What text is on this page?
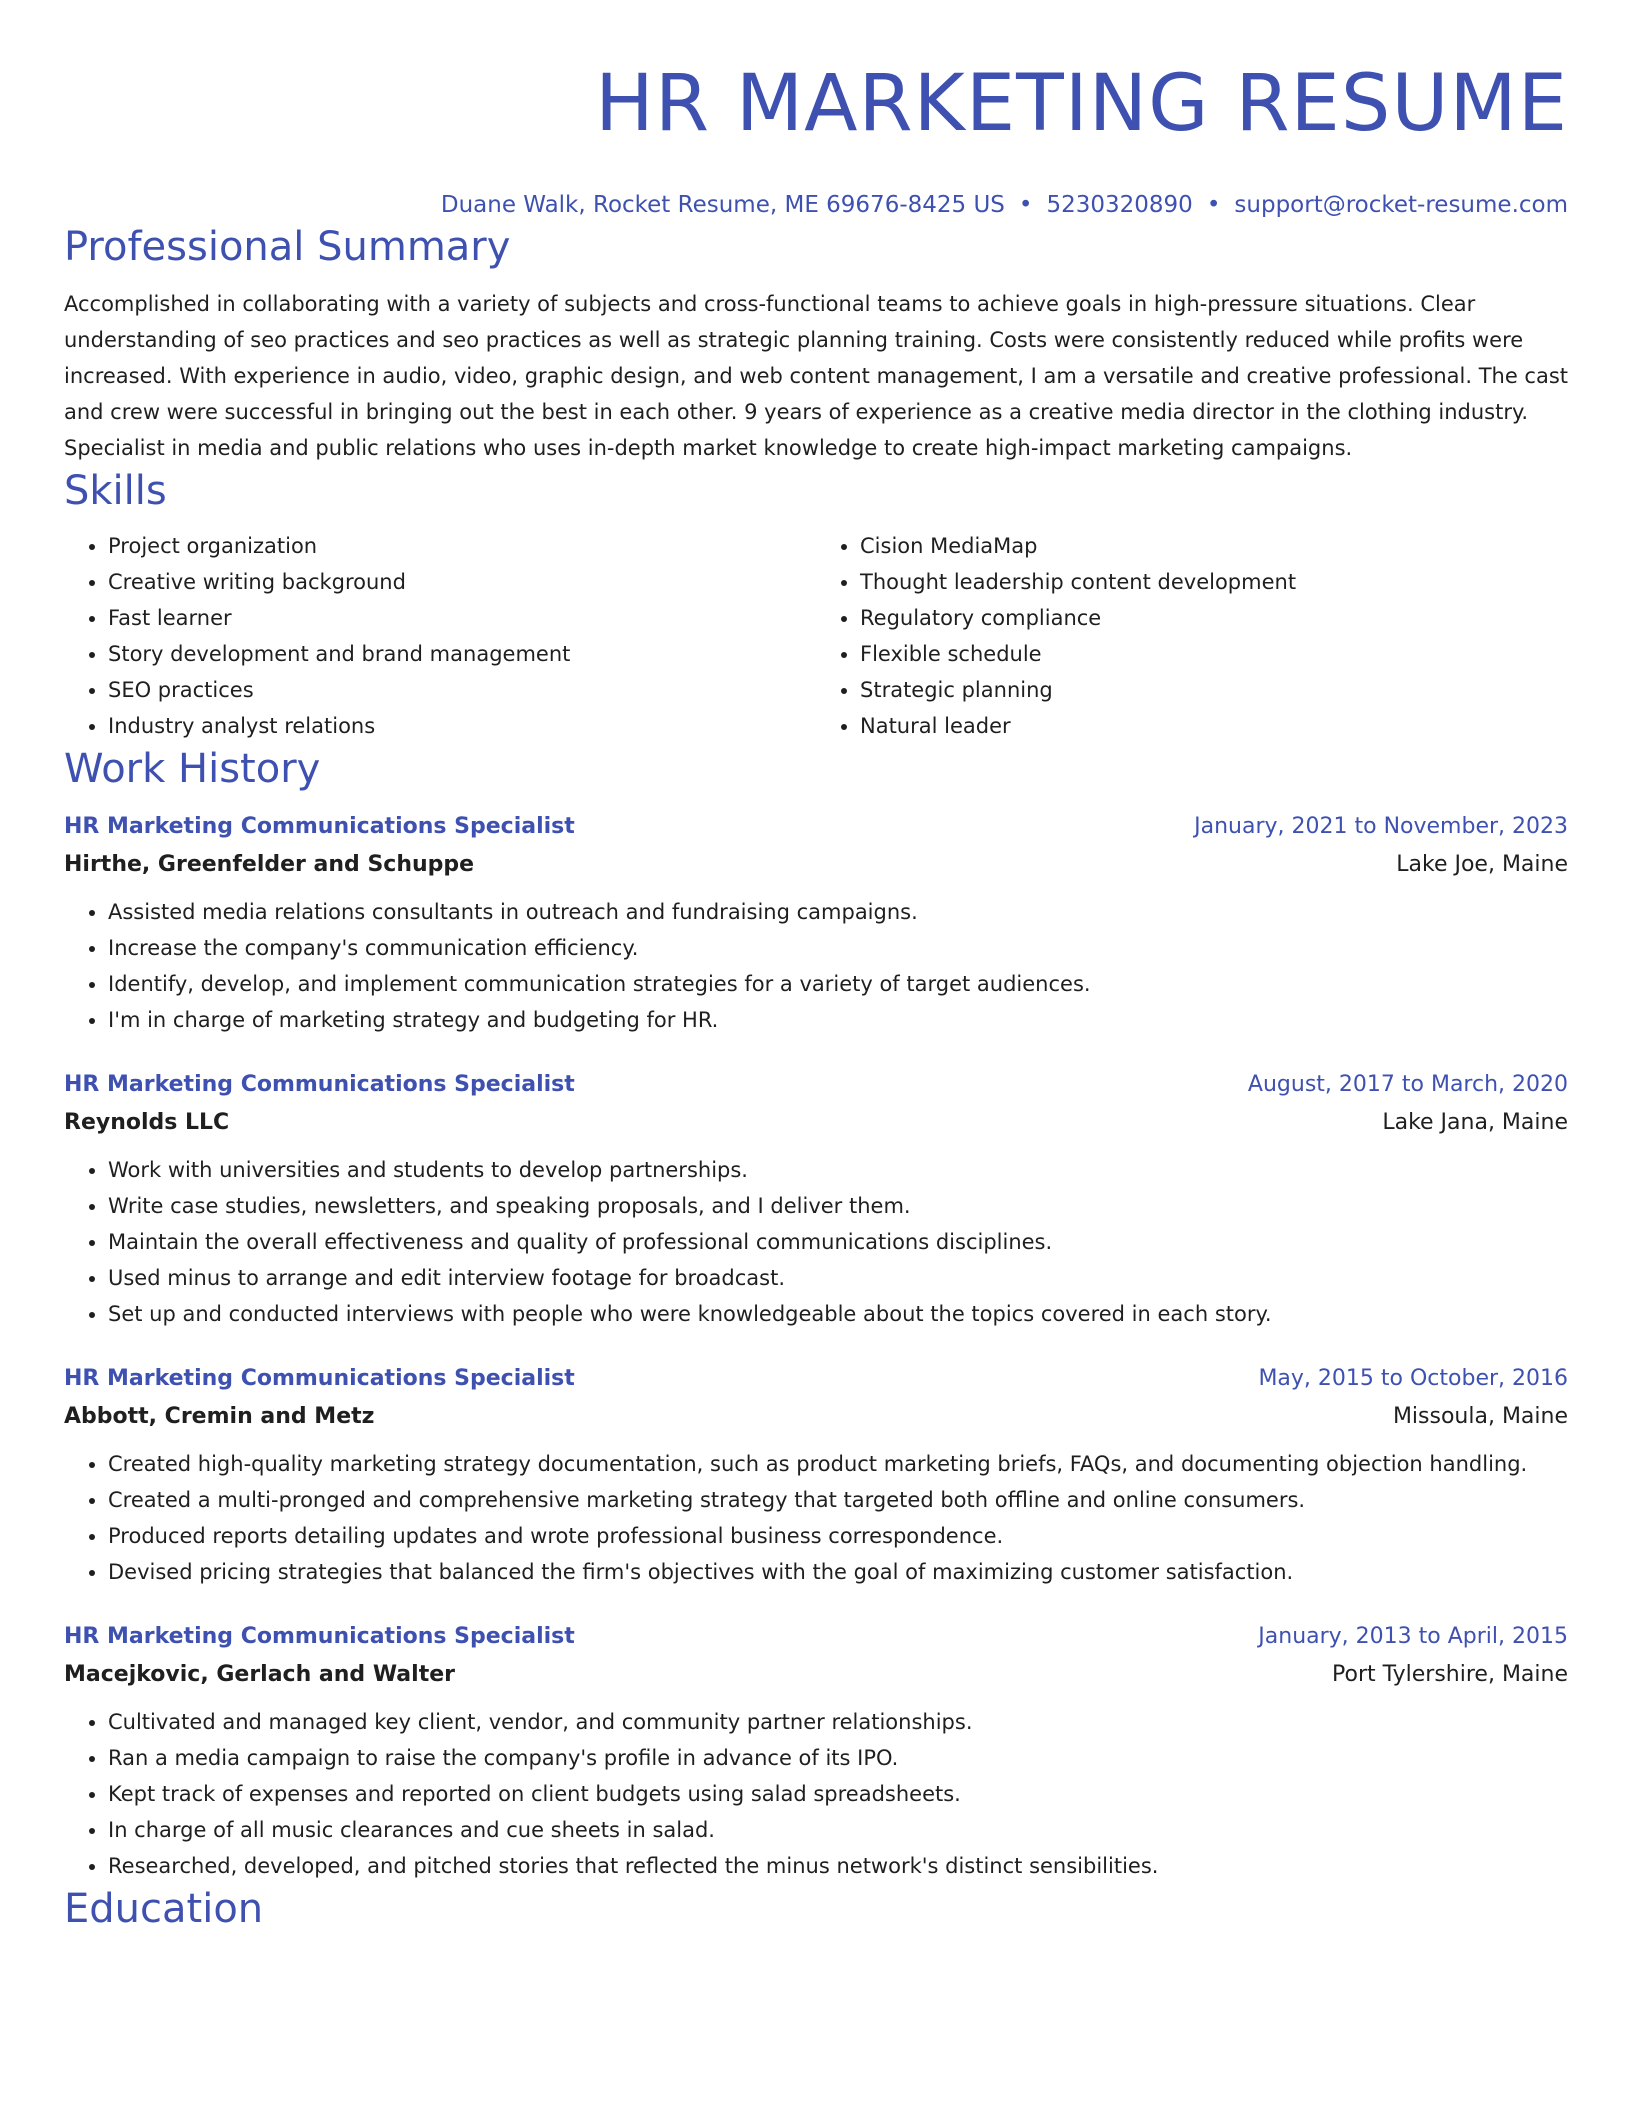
HR MARKETING RESUME
Duane Walk, Rocket Resume, ME 69676-8425 US • 5230320890 • support@rocket-resume.com
Professional Summary
Accomplished in collaborating with a variety of subjects and cross-functional teams to achieve goals in high-pressure situations. Clear understanding of seo practices and seo practices as well as strategic planning training. Costs were consistently reduced while profits were increased. With experience in audio, video, graphic design, and web content management, I am a versatile and creative professional. The cast and crew were successful in bringing out the best in each other. 9 years of experience as a creative media director in the clothing industry. Specialist in media and public relations who uses in-depth market knowledge to create high-impact marketing campaigns.
Skills
• Project organization
• Creative writing background
• Fast learner
• Story development and brand management
• SEO practices
• Industry analyst relations
• Cision MediaMap
• Thought leadership content development
• Regulatory compliance
• Flexible schedule
• Strategic planning
• Natural leader
Work History
HR Marketing Communications Specialist	January, 2021 to November, 2023
Hirthe, Greenfelder and Schuppe	Lake Joe, Maine
• Assisted media relations consultants in outreach and fundraising campaigns.
• Increase the company's communication efficiency.
• Identify, develop, and implement communication strategies for a variety of target audiences.
• I'm in charge of marketing strategy and budgeting for HR.
HR Marketing Communications Specialist	August, 2017 to March, 2020
Reynolds LLC	Lake Jana, Maine
• Work with universities and students to develop partnerships.
• Write case studies, newsletters, and speaking proposals, and I deliver them.
• Maintain the overall effectiveness and quality of professional communications disciplines.
• Used minus to arrange and edit interview footage for broadcast.
• Set up and conducted interviews with people who were knowledgeable about the topics covered in each story.
HR Marketing Communications Specialist	May, 2015 to October, 2016
Abbott, Cremin and Metz	Missoula, Maine
• Created high-quality marketing strategy documentation, such as product marketing briefs, FAQs, and documenting objection handling.
• Created a multi-pronged and comprehensive marketing strategy that targeted both offline and online consumers.
• Produced reports detailing updates and wrote professional business correspondence.
• Devised pricing strategies that balanced the firm's objectives with the goal of maximizing customer satisfaction.
HR Marketing Communications Specialist	January, 2013 to April, 2015
Macejkovic, Gerlach and Walter	Port Tylershire, Maine
• Cultivated and managed key client, vendor, and community partner relationships.
• Ran a media campaign to raise the company's profile in advance of its IPO.
• Kept track of expenses and reported on client budgets using salad spreadsheets.
• In charge of all music clearances and cue sheets in salad.
• Researched, developed, and pitched stories that reflected the minus network's distinct sensibilities.
Education
